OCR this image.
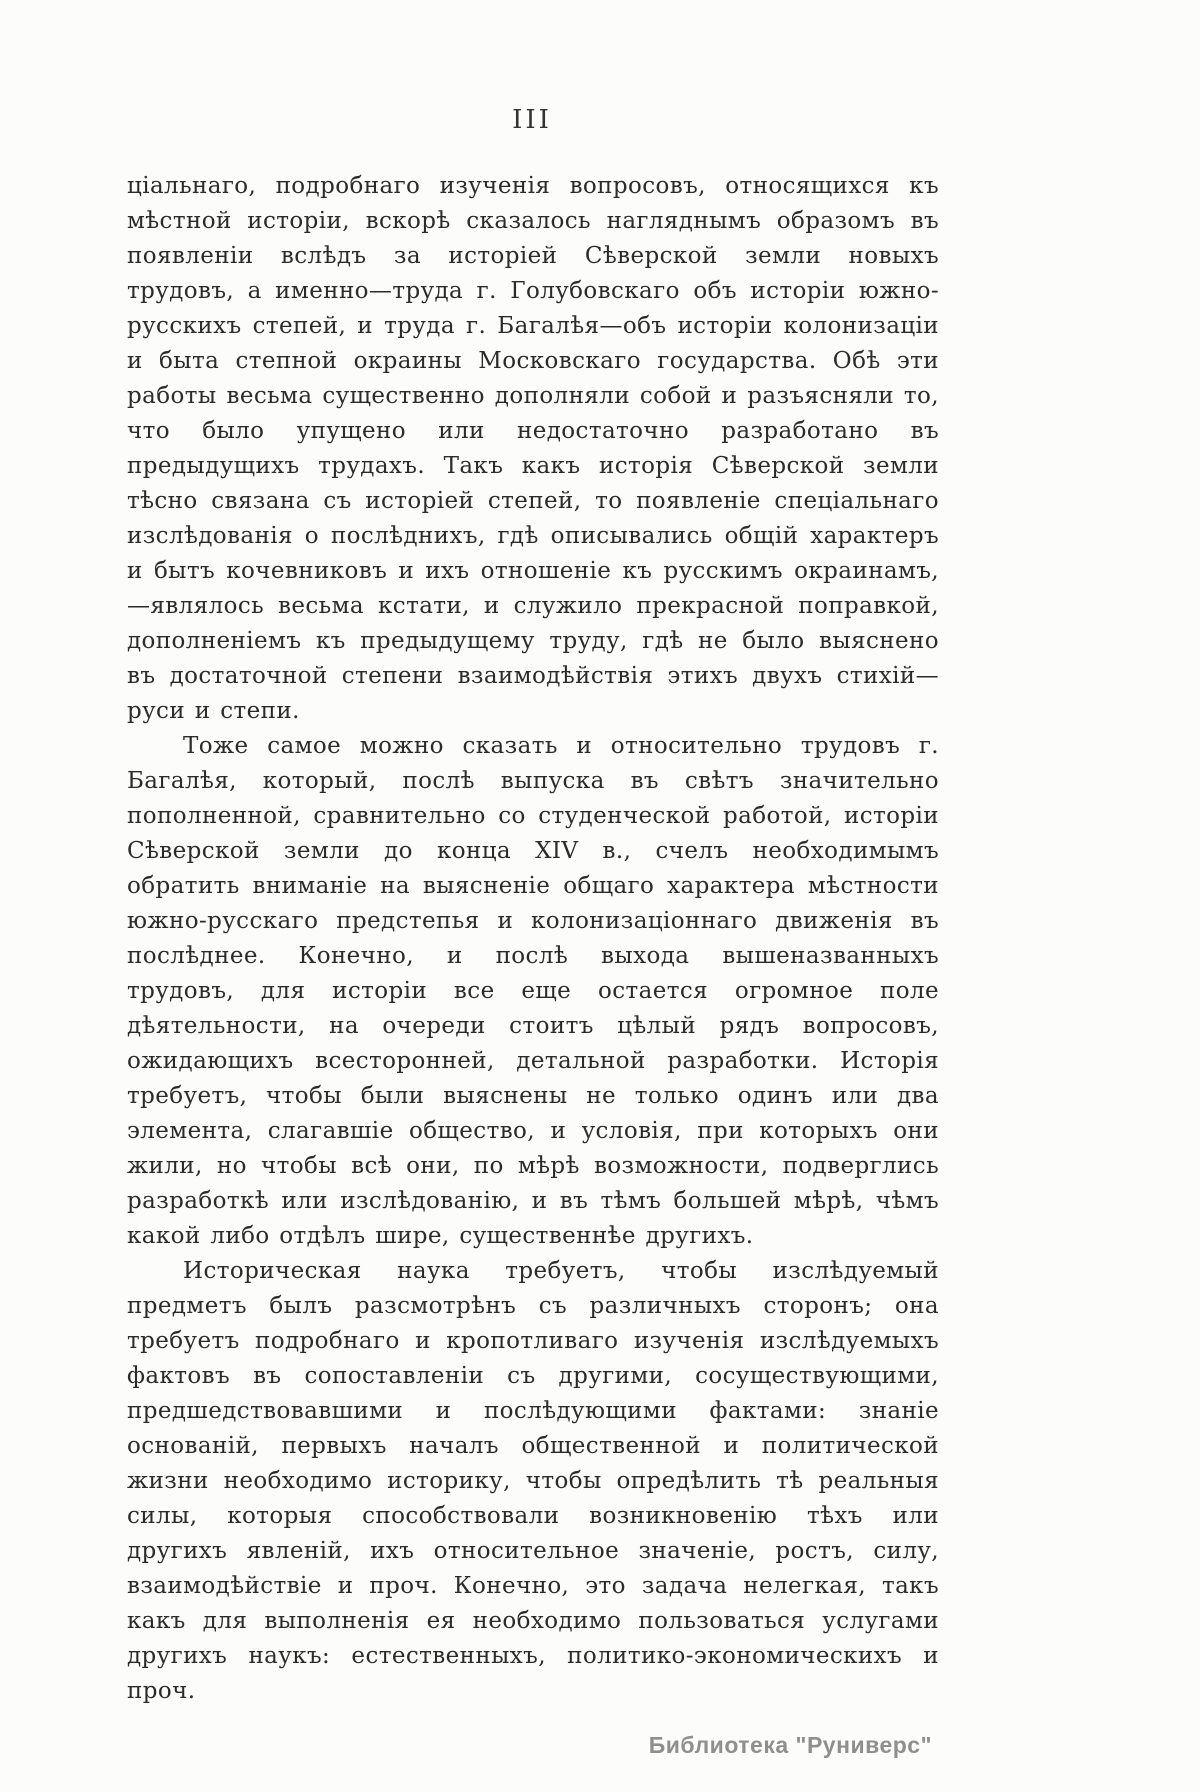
III

ціальнаго, подробнаго изученія вопросовъ, относящихся къ мѣстной исторіи, вскорѣ сказалось нагляднымъ образомъ въ появленіи вслѣдъ за исторіей Сѣверской земли новыхъ трудовъ, а именно—труда г. Голубовскаго объ исторіи южно-русскихъ степей, и труда г. Багалѣя—объ исторіи колонизаціи и быта степной окраины Московскаго государства. Обѣ эти работы весьма существенно дополняли собой и разъясняли то, что было упущено или недостаточно разработано въ предыдущихъ трудахъ. Такъ какъ исторія Сѣверской земли тѣсно связана съ исторіей степей, то появленіе спеціальнаго изслѣдованія о послѣднихъ, гдѣ описывались общій характеръ и бытъ кочевниковъ и ихъ отношеніе къ русскимъ окраинамъ,—являлось весьма кстати, и служило прекрасной поправкой, дополненіемъ къ предыдущему труду, гдѣ не было выяснено въ достаточной степени взаимодѣйствія этихъ двухъ стихій—руси и степи.

Тоже самое можно сказать и относительно трудовъ г. Багалѣя, который, послѣ выпуска въ свѣтъ значительно пополненной, сравнительно со студенческой работой, исторіи Сѣверской земли до конца XIV в., счелъ необходимымъ обратить вниманіе на выясненіе общаго характера мѣстности южно-русскаго предстепья и колонизаціоннаго движенія въ послѣднее. Конечно, и послѣ выхода вышеназванныхъ трудовъ, для исторіи все еще остается огромное поле дѣятельности, на очереди стоитъ цѣлый рядъ вопросовъ, ожидающихъ всесторонней, детальной разработки. Исторія требуетъ, чтобы были выяснены не только одинъ или два элемента, слагавшіе общество, и условія, при которыхъ они жили, но чтобы всѣ они, по мѣрѣ возможности, подверглись разработкѣ или изслѣдованію, и въ тѣмъ большей мѣрѣ, чѣмъ какой либо отдѣлъ шире, существеннѣе другихъ.

Историческая наука требуетъ, чтобы изслѣдуемый предметъ былъ разсмотрѣнъ съ различныхъ сторонъ; она требуетъ подробнаго и кропотливаго изученія изслѣдуемыхъ фактовъ въ сопоставленіи съ другими, сосуществующими, предшедствовавшими и послѣдующими фактами: знаніе основаній, первыхъ началъ общественной и политической жизни необходимо историку, чтобы опредѣлить тѣ реальныя силы, которыя способствовали возникновенію тѣхъ или другихъ явленій, ихъ относительное значеніе, ростъ, силу, взаимодѣйствіе и проч. Конечно, это задача нелегкая, такъ какъ для выполненія ея необходимо пользоваться услугами другихъ наукъ: естественныхъ, политико-экономическихъ и проч.

Библиотека "Руниверс"
